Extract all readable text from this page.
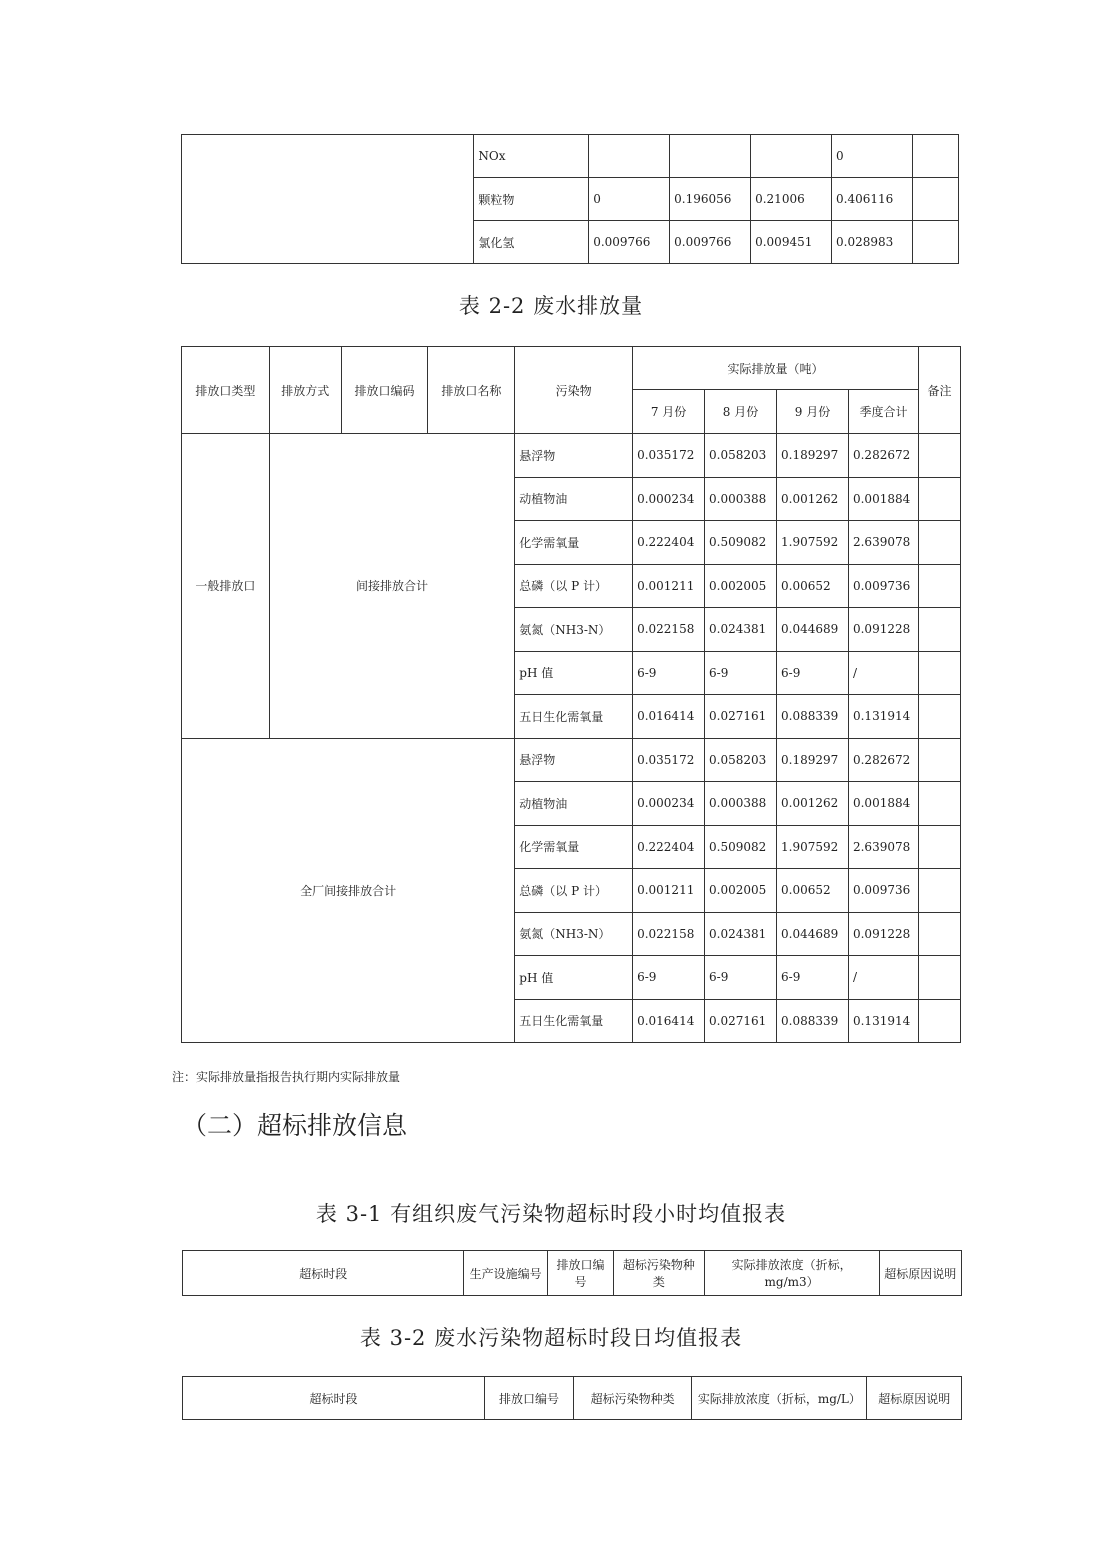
	NOx				0	
	颗粒物	0	0.196056	0.21006	0.406116	
	氯化氢	0.009766	0.009766	0.009451	0.028983	
表 2-2 废水排放量
排放口类型	排放方式	排放口编码	排放口名称	污染物	实际排放量（吨）				备注
					7 月份	8 月份	9 月份	季度合计	
一般排放口	间接排放合计			悬浮物	0.035172	0.058203	0.189297	0.282672	
				动植物油	0.000234	0.000388	0.001262	0.001884	
				化学需氧量	0.222404	0.509082	1.907592	2.639078	
				总磷（以 P 计）	0.001211	0.002005	0.00652	0.009736	
				氨氮（NH3-N）	0.022158	0.024381	0.044689	0.091228	
				pH 值	6-9	6-9	6-9	/	
				五日生化需氧量	0.016414	0.027161	0.088339	0.131914	
全厂间接排放合计				悬浮物	0.035172	0.058203	0.189297	0.282672	
				动植物油	0.000234	0.000388	0.001262	0.001884	
				化学需氧量	0.222404	0.509082	1.907592	2.639078	
				总磷（以 P 计）	0.001211	0.002005	0.00652	0.009736	
				氨氮（NH3-N）	0.022158	0.024381	0.044689	0.091228	
				pH 值	6-9	6-9	6-9	/	
				五日生化需氧量	0.016414	0.027161	0.088339	0.131914	
注：实际排放量指报告执行期内实际排放量
（二）超标排放信息
表 3-1 有组织废气污染物超标时段小时均值报表
超标时段	生产设施编号	排放口编号	超标污染物种类	实际排放浓度（折标，mg/m3）	超标原因说明
表 3-2 废水污染物超标时段日均值报表
超标时段	排放口编号	超标污染物种类	实际排放浓度（折标，mg/L）	超标原因说明
